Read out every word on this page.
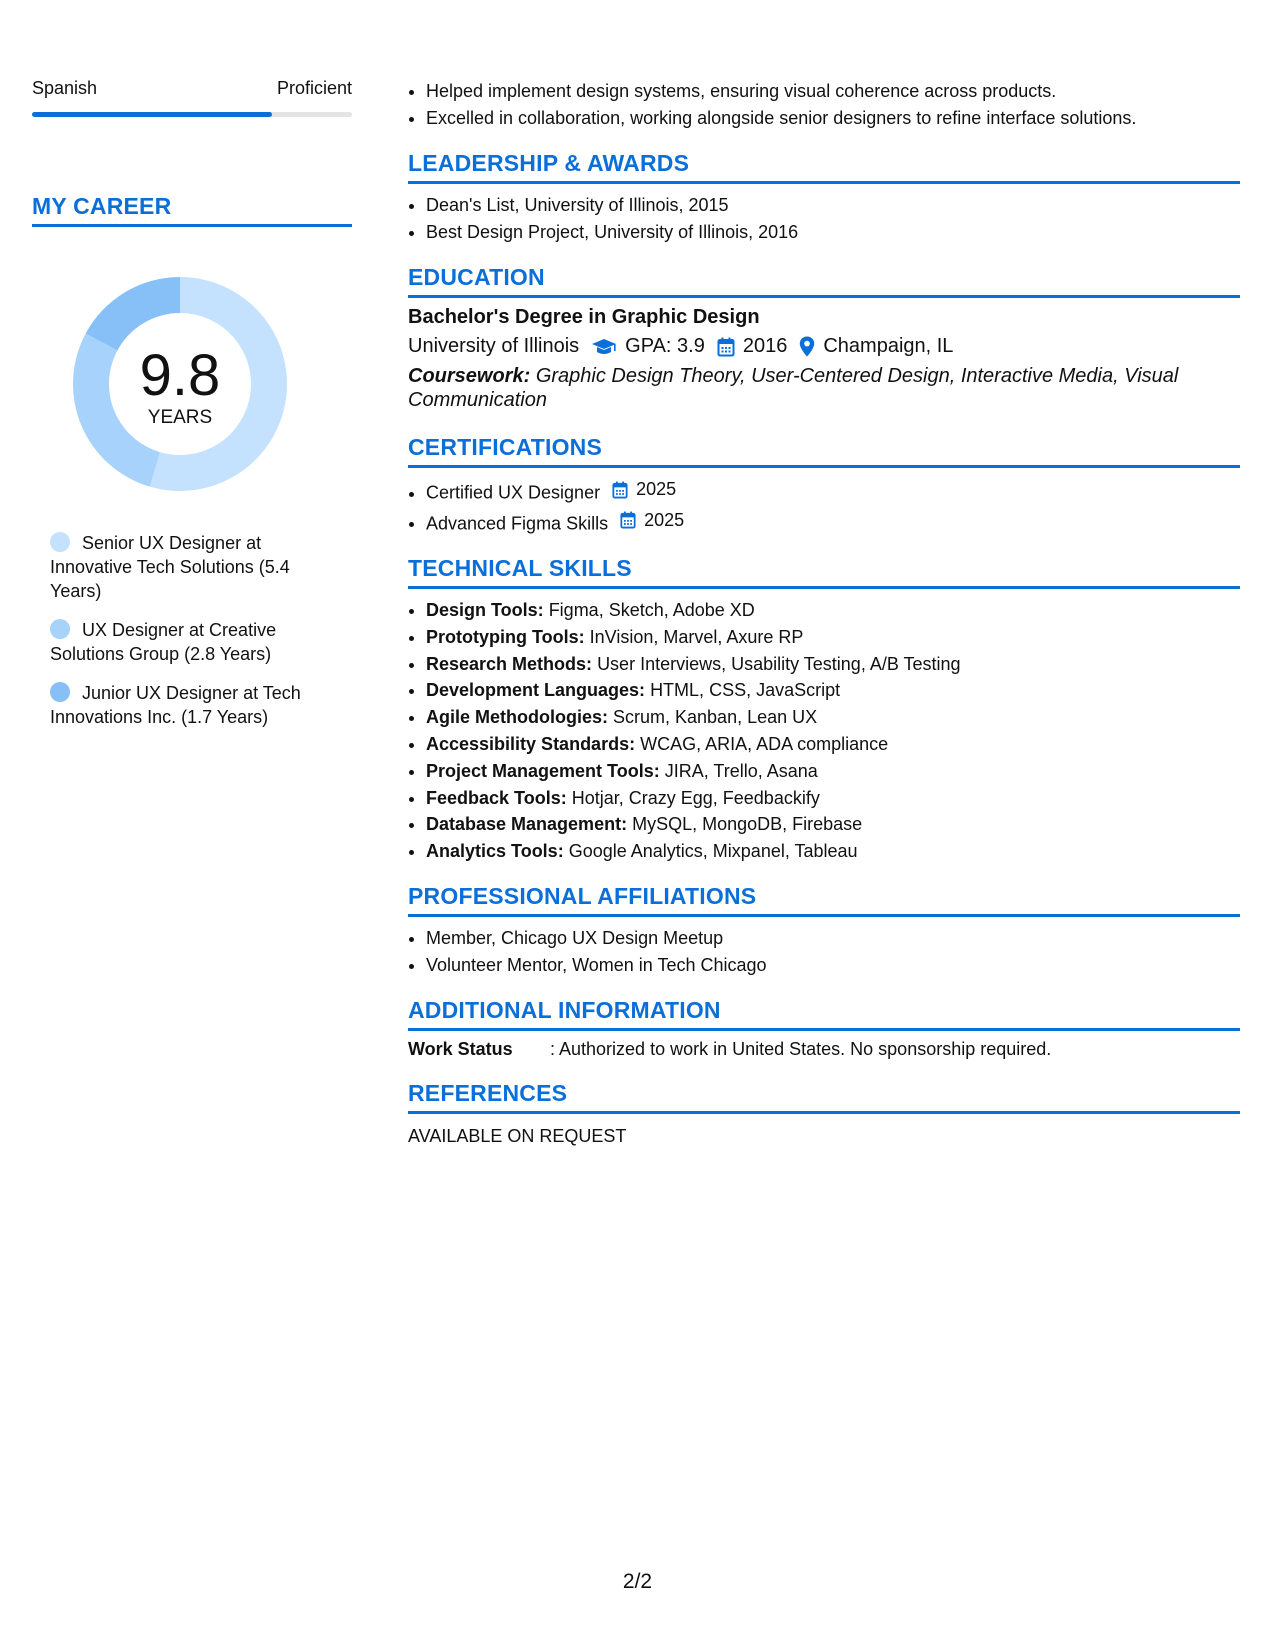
Spanish	Proficient
MY CAREER
9.8
YEARS
Senior UX Designer at Innovative Tech Solutions (5.4 Years)
UX Designer at Creative Solutions Group (2.8 Years)
Junior UX Designer at Tech Innovations Inc. (1.7 Years)
• Helped implement design systems, ensuring visual coherence across products.
• Excelled in collaboration, working alongside senior designers to refine interface solutions.
LEADERSHIP & AWARDS
• Dean's List, University of Illinois, 2015
• Best Design Project, University of Illinois, 2016
EDUCATION
Bachelor's Degree in Graphic Design
University of Illinois GPA: 3.9 2016 Champaign, IL
Coursework: Graphic Design Theory, User-Centered Design, Interactive Media, Visual Communication
CERTIFICATIONS
• Certified UX Designer 2025
• Advanced Figma Skills 2025
TECHNICAL SKILLS
• Design Tools: Figma, Sketch, Adobe XD
• Prototyping Tools: InVision, Marvel, Axure RP
• Research Methods: User Interviews, Usability Testing, A/B Testing
• Development Languages: HTML, CSS, JavaScript
• Agile Methodologies: Scrum, Kanban, Lean UX
• Accessibility Standards: WCAG, ARIA, ADA compliance
• Project Management Tools: JIRA, Trello, Asana
• Feedback Tools: Hotjar, Crazy Egg, Feedbackify
• Database Management: MySQL, MongoDB, Firebase
• Analytics Tools: Google Analytics, Mixpanel, Tableau
PROFESSIONAL AFFILIATIONS
• Member, Chicago UX Design Meetup
• Volunteer Mentor, Women in Tech Chicago
ADDITIONAL INFORMATION
Work Status	: Authorized to work in United States. No sponsorship required.
REFERENCES
AVAILABLE ON REQUEST
2/2
